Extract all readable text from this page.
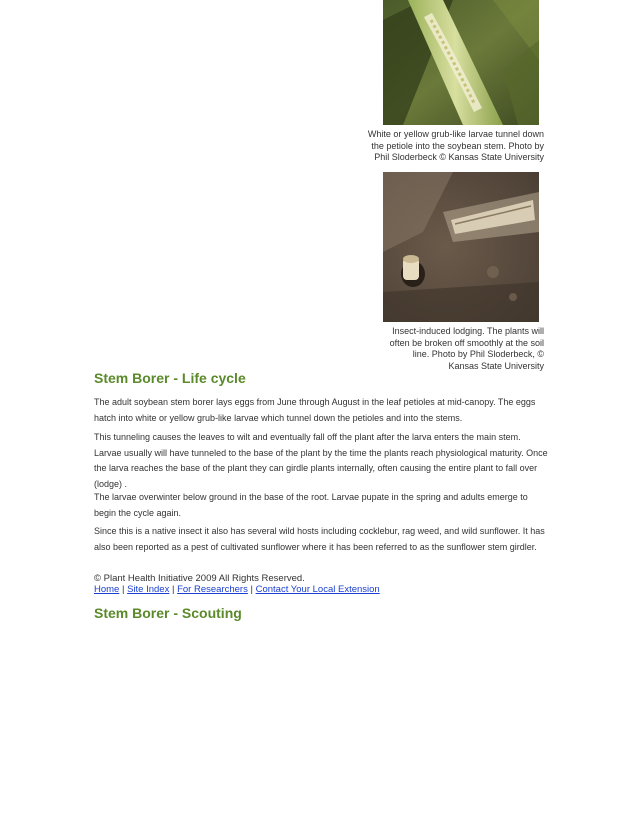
White or yellow grub-like larvae tunnel down the petiole into the soybean stem. Photo by Phil Sloderbeck © Kansas State University
Insect-induced lodging. The plants will often be broken off smoothly at the soil line. Photo by Phil Sloderbeck, © Kansas State University
Stem Borer - Life cycle

The adult soybean stem borer lays eggs from June through August in the leaf petioles at mid-canopy. The eggs hatch into white or yellow grub-like larvae which tunnel down the petioles and into the stems.

This tunneling causes the leaves to wilt and eventually fall off the plant after the larva enters the main stem. Larvae usually will have tunneled to the base of the plant by the time the plants reach physiological maturity. Once the larva reaches the base of the plant they can girdle plants internally, often causing the entire plant to fall over (lodge) .

The larvae overwinter below ground in the base of the root. Larvae pupate in the spring and adults emerge to begin the cycle again.

Since this is a native insect it also has several wild hosts including cocklebur, rag weed, and wild sunflower. It has also been reported as a pest of cultivated sunflower where it has been referred to as the sunflower stem girdler.

© Plant Health Initiative 2009 All Rights Reserved.
Home | Site Index | For Researchers | Contact Your Local Extension
Stem Borer - Scouting
